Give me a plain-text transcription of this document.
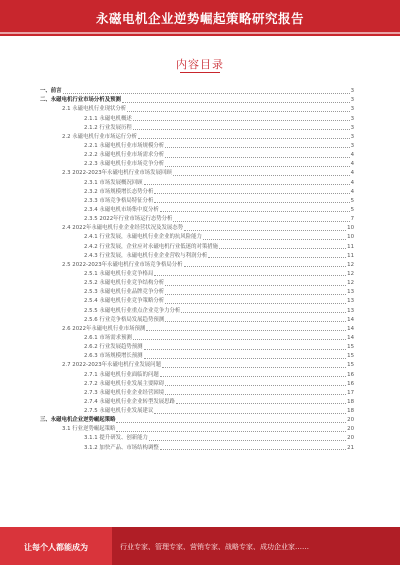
永磁电机企业逆势崛起策略研究报告
内容目录
一、前言	3
二、永磁电机行业市场分析及预测	3
2.1 永磁电机行业现状分析	3
2.1.1 永磁电机概述	3
2.1.2 行业发展历程	3
2.2 永磁电机行业市场运行分析	3
2.2.1 永磁电机行业市场规模分析	3
2.2.2 永磁电机行业市场需求分析	4
2.2.3 永磁电机行业市场竞争分析	4
2.3 2022-2023年永磁电机行业市场发展回顾	4
2.3.1 市场发展概况回顾	4
2.3.2 市场规模增长态势分析	4
2.3.3 市场竞争格局特征分析	5
2.3.4 永磁电机市场集中度分析	5
2.3.5 2022年行业市场运行态势分析	7
2.4 2022年永磁电机行业企业经营状况及发展态势	10
2.4.1 行业发展，永磁电机行业企业的抗风险能力	10
2.4.2 行业发展，企业应对永磁电机行业低迷的对策措施	11
2.4.3 行业发展，永磁电机行业企业营收与利润分析	11
2.5 2022-2023年永磁电机行业市场竞争格局分析	12
2.5.1 永磁电机行业竞争格局	12
2.5.2 永磁电机行业竞争结构分析	12
2.5.3 永磁电机行业品牌竞争分析	13
2.5.4 永磁电机行业竞争策略分析	13
2.5.5 永磁电机行业重点企业竞争力分析	13
2.5.6 行业竞争格局发展趋势预测	14
2.6 2022年永磁电机行业市场预测	14
2.6.1 市场需求预测	14
2.6.2 行业发展趋势预测	15
2.6.3 市场规模增长预测	15
2.7 2022-2023年永磁电机行业发展问题	15
2.7.1 永磁电机行业面临的问题	16
2.7.2 永磁电机行业发展主要障碍	16
2.7.3 永磁电机行业企业经营困境	17
2.7.4 永磁电机行业企业转型发展思路	18
2.7.5 永磁电机行业发展建议	18
三、永磁电机企业逆势崛起策略	20
3.1 行业逆势崛起策略	20
3.1.1 提升研发、创新能力	20
3.1.2 加快产品、市场结构调整	21
让每个人都能成为	行业专家、管理专家、营销专家、战略专家、成功企业家……
